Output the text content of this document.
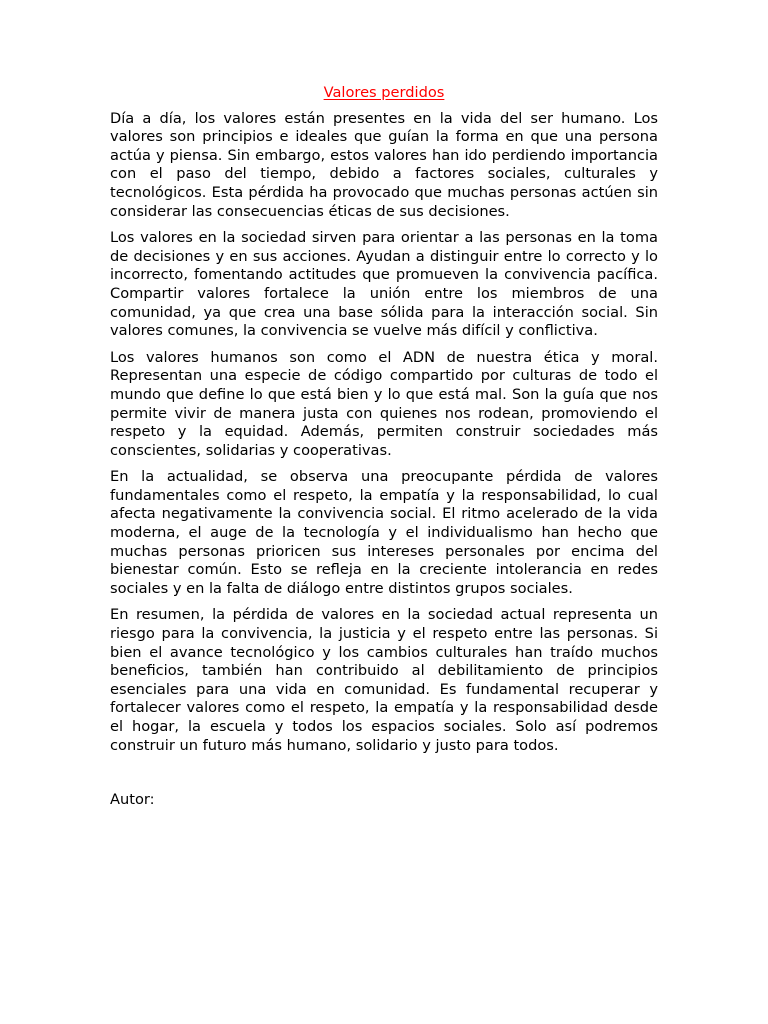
Valores perdidos

Día a día, los valores están presentes en la vida del ser humano. Los valores son principios e ideales que guían la forma en que una persona actúa y piensa. Sin embargo, estos valores han ido perdiendo importancia con el paso del tiempo, debido a factores sociales, culturales y tecnológicos. Esta pérdida ha provocado que muchas personas actúen sin considerar las consecuencias éticas de sus decisiones.

Los valores en la sociedad sirven para orientar a las personas en la toma de decisiones y en sus acciones. Ayudan a distinguir entre lo correcto y lo incorrecto, fomentando actitudes que promueven la convivencia pacífica. Compartir valores fortalece la unión entre los miembros de una comunidad, ya que crea una base sólida para la interacción social. Sin valores comunes, la convivencia se vuelve más difícil y conflictiva.

Los valores humanos son como el ADN de nuestra ética y moral. Representan una especie de código compartido por culturas de todo el mundo que define lo que está bien y lo que está mal. Son la guía que nos permite vivir de manera justa con quienes nos rodean, promoviendo el respeto y la equidad. Además, permiten construir sociedades más conscientes, solidarias y cooperativas.

En la actualidad, se observa una preocupante pérdida de valores fundamentales como el respeto, la empatía y la responsabilidad, lo cual afecta negativamente la convivencia social. El ritmo acelerado de la vida moderna, el auge de la tecnología y el individualismo han hecho que muchas personas prioricen sus intereses personales por encima del bienestar común. Esto se refleja en la creciente intolerancia en redes sociales y en la falta de diálogo entre distintos grupos sociales.

En resumen, la pérdida de valores en la sociedad actual representa un riesgo para la convivencia, la justicia y el respeto entre las personas. Si bien el avance tecnológico y los cambios culturales han traído muchos beneficios, también han contribuido al debilitamiento de principios esenciales para una vida en comunidad. Es fundamental recuperar y fortalecer valores como el respeto, la empatía y la responsabilidad desde el hogar, la escuela y todos los espacios sociales. Solo así podremos construir un futuro más humano, solidario y justo para todos.

Autor:
